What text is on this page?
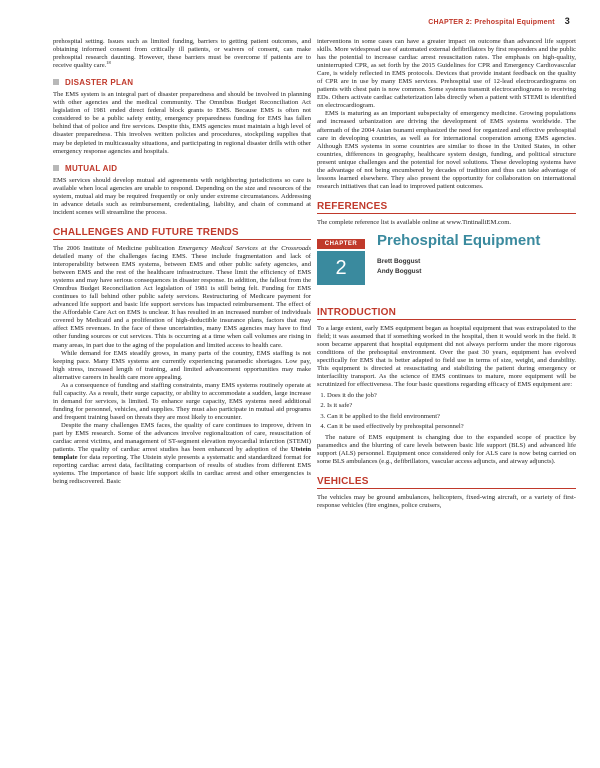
CHAPTER 2: Prehospital Equipment 3

prehospital setting. Issues such as limited funding, barriers to getting patient outcomes, and obtaining informed consent from critically ill patients, or waivers of consent, can make prehospital research daunting. However, these barriers must be overcome if patients are to receive quality care.$^{18}$

DISASTER PLAN

The EMS system is an integral part of disaster preparedness and should be involved in planning with other agencies and the medical community. The Omnibus Budget Reconciliation Act legislation of 1981 ended direct federal block grants to EMS. Because EMS is often not considered to be a public safety entity, emergency preparedness funding for EMS has fallen behind that of police and fire services. Despite this, EMS agencies must maintain a high level of disaster preparedness. This involves written policies and procedures, stockpiling supplies that may be depleted in multicasualty situations, and participating in regional disaster drills with other emergency response agencies and hospitals.

MUTUAL AID

EMS services should develop mutual aid agreements with neighboring jurisdictions so care is available when local agencies are unable to respond. Depending on the size and resources of the system, mutual aid may be required frequently or only under extreme circumstances. Addressing in advance details such as reimbursement, credentialing, liability, and chain of command at incident scenes will streamline the process.

CHALLENGES AND FUTURE TRENDS

The 2006 Institute of Medicine publication Emergency Medical Services at the Crossroads detailed many of the challenges facing EMS. These include fragmentation and lack of interoperability between EMS systems, between EMS and other public safety agencies, and between EMS and the rest of the healthcare infrastructure. These limit the efficiency of EMS systems and may have serious consequences in disaster response. In addition, the fallout from the Omnibus Budget Reconciliation Act legislation of 1981 is still being felt. Funding for EMS continues to fall behind other public safety services. Restructuring of Medicare payment for advanced life support and basic life support services has impacted reimbursement. The effect of the Affordable Care Act on EMS is unclear. It has resulted in an increased number of individuals covered by Medicaid and a proliferation of high-deductible insurance plans, factors that may affect EMS revenues. In the face of these uncertainties, many EMS agencies may have to find other funding sources or cut services. This is occurring at a time when call volumes are rising in many areas, in part due to the aging of the population and limited access to health care.

While demand for EMS steadily grows, in many parts of the country, EMS staffing is not keeping pace. Many EMS systems are currently experiencing paramedic shortages. Low pay, high stress, increased length of training, and limited advancement opportunities may make alternative careers in health care more appealing.

As a consequence of funding and staffing constraints, many EMS systems routinely operate at full capacity. As a result, their surge capacity, or ability to accommodate a sudden, large increase in demand for services, is limited. To enhance surge capacity, EMS systems need additional funding for personnel, vehicles, and supplies. They must also participate in mutual aid programs and frequent training based on threats they are most likely to encounter.

Despite the many challenges EMS faces, the quality of care continues to improve, driven in part by EMS research. Some of the advances involve regionalization of care, resuscitation of cardiac arrest victims, and management of ST-segment elevation myocardial infarction (STEMI) patients. The quality of cardiac arrest studies has been enhanced by adoption of the Utstein template for data reporting. The Utstein style presents a systematic and standardized format for reporting cardiac arrest data, facilitating comparison of results of studies from different EMS systems. The importance of basic life support skills in cardiac arrest and other emergencies is being rediscovered. Basic

interventions in some cases can have a greater impact on outcome than advanced life support skills. More widespread use of automated external defibrillators by first responders and the public has the potential to increase cardiac arrest resuscitation rates. The emphasis on high-quality, uninterrupted CPR, as set forth by the 2015 Guidelines for CPR and Emergency Cardiovascular Care, is widely reflected in EMS protocols. Devices that provide instant feedback on the quality of CPR are in use by many EMS services. Prehospital use of 12-lead electrocardiograms on patients with chest pain is now common. Some systems transmit electrocardiograms to receiving EDs. Others activate cardiac catheterization labs directly when a patient with STEMI is identified on electrocardiogram.

EMS is maturing as an important subspecialty of emergency medicine. Growing populations and increased urbanization are driving the development of EMS systems worldwide. The aftermath of the 2004 Asian tsunami emphasized the need for organized and effective prehospital care in developing countries, as well as for international cooperation among EMS agencies. Although EMS systems in some countries are similar to those in the United States, in other countries, differences in geography, healthcare system design, funding, and political structure present unique challenges and the potential for novel solutions. These developing systems have the advantage of not being encumbered by decades of tradition and thus can take advantage of lessons learned elsewhere. They also present the opportunity for collaboration on international research initiatives that can lead to improved patient outcomes.

REFERENCES

The complete reference list is available online at www.TintinalliEM.com.

CHAPTER
2
Prehospital Equipment
Brett Boggust
Andy Boggust
INTRODUCTION

To a large extent, early EMS equipment began as hospital equipment that was extrapolated to the field; it was assumed that if something worked in the hospital, then it would work in the field. It soon became apparent that hospital equipment did not always perform under the more rigorous conditions of the prehospital environment. Over the past 30 years, equipment has evolved specifically for EMS that is better adapted to field use in terms of size, weight, and durability. This equipment is directed at resuscitating and stabilizing the patient during emergency or interfacility transport. As the science of EMS continues to mature, more equipment will be scrutinized for effectiveness. The four basic questions regarding efficacy of EMS equipment are:

1. Does it do the job?
2. Is it safe?
3. Can it be applied to the field environment?
4. Can it be used effectively by prehospital personnel?

The nature of EMS equipment is changing due to the expanded scope of practice by paramedics and the blurring of care levels between basic life support (BLS) and advanced life support (ALS) personnel. Equipment once considered only for ALS care is now being carried on some BLS ambulances (e.g., defibrillators, vascular access adjuncts, and airway adjuncts).

VEHICLES

The vehicles may be ground ambulances, helicopters, fixed-wing aircraft, or a variety of first-response vehicles (fire engines, police cruisers,
